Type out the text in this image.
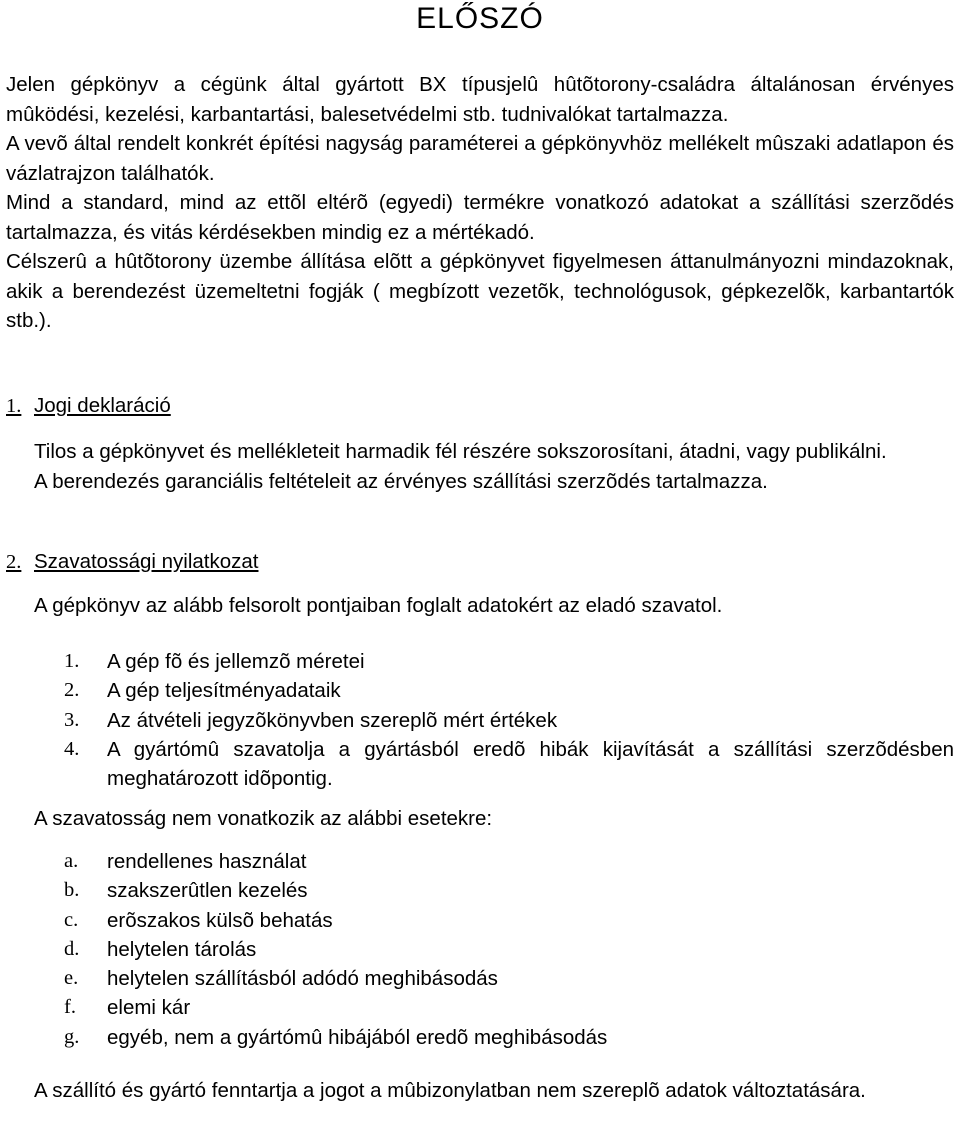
ELŐSZÓ

Jelen gépkönyv a cégünk által gyártott BX típusjelû hûtõtorony-családra általánosan érvényes mûködési, kezelési, karbantartási, balesetvédelmi stb. tudnivalókat tartalmazza.

A vevõ által rendelt konkrét építési nagyság paraméterei a gépkönyvhöz mellékelt mûszaki adatlapon és vázlatrajzon találhatók.

Mind a standard, mind az ettõl eltérõ (egyedi) termékre vonatkozó adatokat a szállítási szerzõdés tartalmazza, és vitás kérdésekben mindig ez a mértékadó.

Célszerû a hûtõtorony üzembe állítása elõtt a gépkönyvet figyelmesen áttanulmányozni mindazoknak, akik a berendezést üzemeltetni fogják ( megbízott vezetõk, technológusok, gépkezelõk, karbantartók stb.).

1. Jogi deklaráció

Tilos a gépkönyvet és mellékleteit harmadik fél részére sokszorosítani, átadni, vagy publikálni.

A berendezés garanciális feltételeit az érvényes szállítási szerzõdés tartalmazza.

2. Szavatossági nyilatkozat

A gépkönyv az alább felsorolt pontjaiban foglalt adatokért az eladó szavatol.

1.	A gép fõ és jellemzõ méretei
2.	A gép teljesítményadataik
3.	Az átvételi jegyzõkönyvben szereplõ mért értékek
4.	A gyártómû szavatolja a gyártásból eredõ hibák kijavítását a szállítási szerzõdésben meghatározott idõpontig.

A szavatosság nem vonatkozik az alábbi esetekre:

a.	rendellenes használat
b.	szakszerûtlen kezelés
c.	erõszakos külsõ behatás
d.	helytelen tárolás
e.	helytelen szállításból adódó meghibásodás
f.	elemi kár
g.	egyéb, nem a gyártómû hibájából eredõ meghibásodás

A szállító és gyártó fenntartja a jogot a mûbizonylatban nem szereplõ adatok változtatására.
